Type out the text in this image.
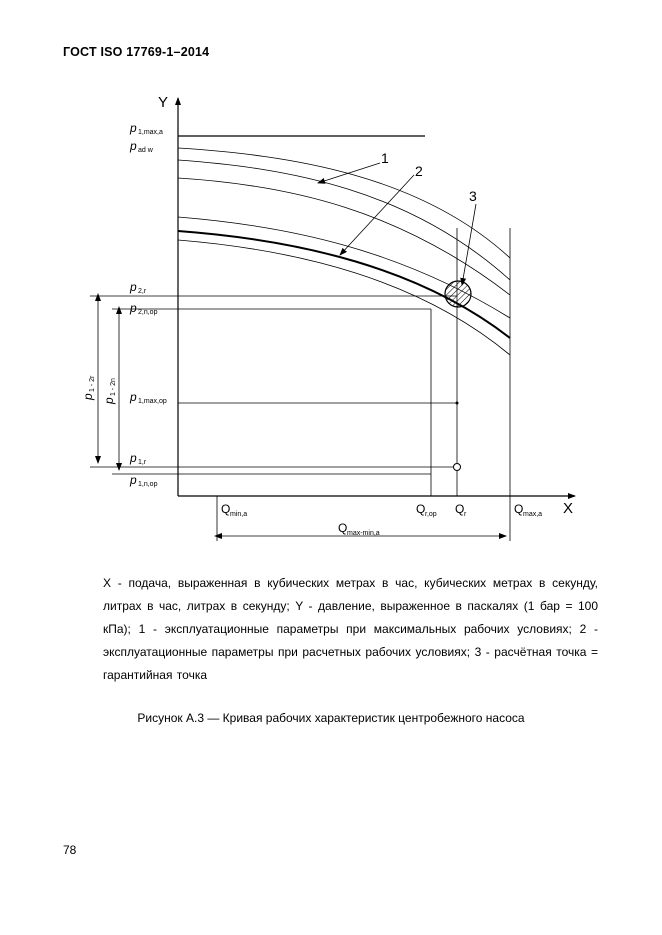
ГОСТ ISO 17769-1–2014
Y
X
1
2
3
p 1,max,a
p ad w
p 2,r
p 2,n,op
p 1,max,op
p 1,r
p 1,n,op
p
1 - 2r
p
1 - 2n
Q min,a	Q r,op Q r	Q max,a
Q max-min,a
X - подача, выраженная в кубических метрах в час, кубических метрах в секунду, литрах в час, литрах в секунду; Y - давление, выраженное в паскалях (1 бар = 100 кПа); 1 - эксплуатационные параметры при максимальных рабочих условиях; 2 - эксплуатационные параметры при расчетных рабочих условиях; 3 - расчётная точка = гарантийная точка
Рисунок А.3 — Кривая рабочих характеристик центробежного насоса
78
